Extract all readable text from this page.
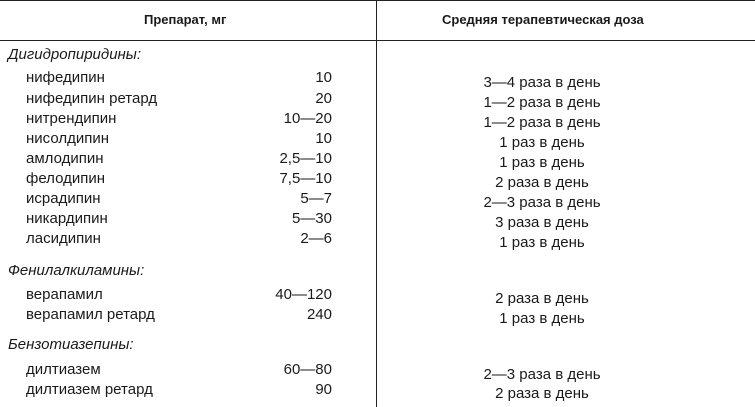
Препарат, мг	Средняя терапевтическая доза
Дигидропиридины:
нифедипин	10	3—4 раза в день
нифедипин ретард	20	1—2 раза в день
нитрендипин	10—20	1—2 раза в день
нисолдипин	10	1 раз в день
амлодипин	2,5—10	1 раз в день
фелодипин	7,5—10	2 раза в день
исрадипин	5—7	2—3 раза в день
никардипин	5—30	3 раза в день
ласидипин	2—6	1 раз в день
Фенилалкиламины:
верапамил	40—120	2 раза в день
верапамил ретард	240	1 раз в день
Бензотиазепины:
дилтиазем	60—80	2—3 раза в день
дилтиазем ретард	90	2 раза в день
